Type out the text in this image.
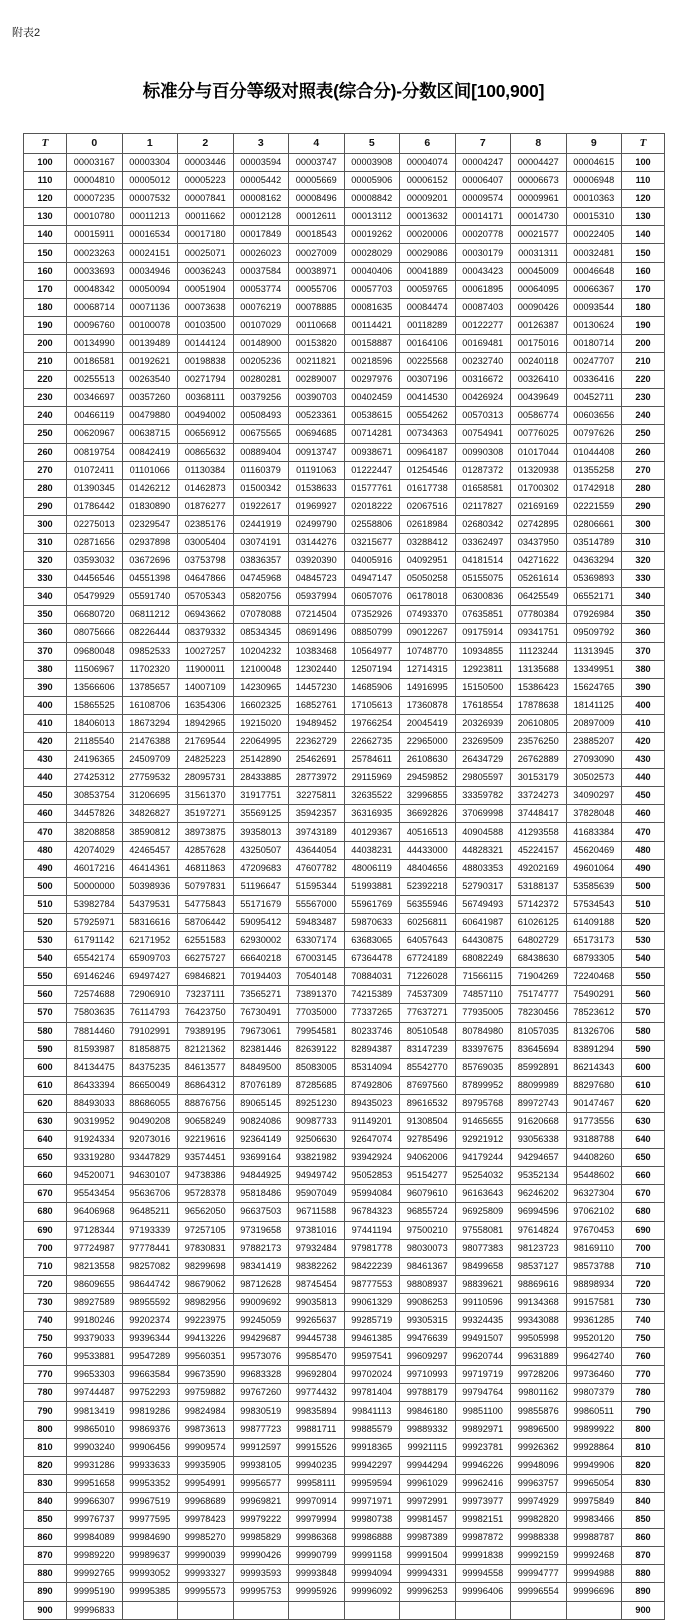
附表2
标准分与百分等级对照表(综合分)-分数区间[100,900]
T	0	1	2	3	4	5	6	7	8	9	T
100	00003167	00003304	00003446	00003594	00003747	00003908	00004074	00004247	00004427	00004615	100
110	00004810	00005012	00005223	00005442	00005669	00005906	00006152	00006407	00006673	00006948	110
120	00007235	00007532	00007841	00008162	00008496	00008842	00009201	00009574	00009961	00010363	120
130	00010780	00011213	00011662	00012128	00012611	00013112	00013632	00014171	00014730	00015310	130
140	00015911	00016534	00017180	00017849	00018543	00019262	00020006	00020778	00021577	00022405	140
150	00023263	00024151	00025071	00026023	00027009	00028029	00029086	00030179	00031311	00032481	150
160	00033693	00034946	00036243	00037584	00038971	00040406	00041889	00043423	00045009	00046648	160
170	00048342	00050094	00051904	00053774	00055706	00057703	00059765	00061895	00064095	00066367	170
180	00068714	00071136	00073638	00076219	00078885	00081635	00084474	00087403	00090426	00093544	180
190	00096760	00100078	00103500	00107029	00110668	00114421	00118289	00122277	00126387	00130624	190
200	00134990	00139489	00144124	00148900	00153820	00158887	00164106	00169481	00175016	00180714	200
210	00186581	00192621	00198838	00205236	00211821	00218596	00225568	00232740	00240118	00247707	210
220	00255513	00263540	00271794	00280281	00289007	00297976	00307196	00316672	00326410	00336416	220
230	00346697	00357260	00368111	00379256	00390703	00402459	00414530	00426924	00439649	00452711	230
240	00466119	00479880	00494002	00508493	00523361	00538615	00554262	00570313	00586774	00603656	240
250	00620967	00638715	00656912	00675565	00694685	00714281	00734363	00754941	00776025	00797626	250
260	00819754	00842419	00865632	00889404	00913747	00938671	00964187	00990308	01017044	01044408	260
270	01072411	01101066	01130384	01160379	01191063	01222447	01254546	01287372	01320938	01355258	270
280	01390345	01426212	01462873	01500342	01538633	01577761	01617738	01658581	01700302	01742918	280
290	01786442	01830890	01876277	01922617	01969927	02018222	02067516	02117827	02169169	02221559	290
300	02275013	02329547	02385176	02441919	02499790	02558806	02618984	02680342	02742895	02806661	300
310	02871656	02937898	03005404	03074191	03144276	03215677	03288412	03362497	03437950	03514789	310
320	03593032	03672696	03753798	03836357	03920390	04005916	04092951	04181514	04271622	04363294	320
330	04456546	04551398	04647866	04745968	04845723	04947147	05050258	05155075	05261614	05369893	330
340	05479929	05591740	05705343	05820756	05937994	06057076	06178018	06300836	06425549	06552171	340
350	06680720	06811212	06943662	07078088	07214504	07352926	07493370	07635851	07780384	07926984	350
360	08075666	08226444	08379332	08534345	08691496	08850799	09012267	09175914	09341751	09509792	360
370	09680048	09852533	10027257	10204232	10383468	10564977	10748770	10934855	11123244	11313945	370
380	11506967	11702320	11900011	12100048	12302440	12507194	12714315	12923811	13135688	13349951	380
390	13566606	13785657	14007109	14230965	14457230	14685906	14916995	15150500	15386423	15624765	390
400	15865525	16108706	16354306	16602325	16852761	17105613	17360878	17618554	17878638	18141125	400
410	18406013	18673294	18942965	19215020	19489452	19766254	20045419	20326939	20610805	20897009	410
420	21185540	21476388	21769544	22064995	22362729	22662735	22965000	23269509	23576250	23885207	420
430	24196365	24509709	24825223	25142890	25462691	25784611	26108630	26434729	26762889	27093090	430
440	27425312	27759532	28095731	28433885	28773972	29115969	29459852	29805597	30153179	30502573	440
450	30853754	31206695	31561370	31917751	32275811	32635522	32996855	33359782	33724273	34090297	450
460	34457826	34826827	35197271	35569125	35942357	36316935	36692826	37069998	37448417	37828048	460
470	38208858	38590812	38973875	39358013	39743189	40129367	40516513	40904588	41293558	41683384	470
480	42074029	42465457	42857628	43250507	43644054	44038231	44433000	44828321	45224157	45620469	480
490	46017216	46414361	46811863	47209683	47607782	48006119	48404656	48803353	49202169	49601064	490
500	50000000	50398936	50797831	51196647	51595344	51993881	52392218	52790317	53188137	53585639	500
510	53982784	54379531	54775843	55171679	55567000	55961769	56355946	56749493	57142372	57534543	510
520	57925971	58316616	58706442	59095412	59483487	59870633	60256811	60641987	61026125	61409188	520
530	61791142	62171952	62551583	62930002	63307174	63683065	64057643	64430875	64802729	65173173	530
540	65542174	65909703	66275727	66640218	67003145	67364478	67724189	68082249	68438630	68793305	540
550	69146246	69497427	69846821	70194403	70540148	70884031	71226028	71566115	71904269	72240468	550
560	72574688	72906910	73237111	73565271	73891370	74215389	74537309	74857110	75174777	75490291	560
570	75803635	76114793	76423750	76730491	77035000	77337265	77637271	77935005	78230456	78523612	570
580	78814460	79102991	79389195	79673061	79954581	80233746	80510548	80784980	81057035	81326706	580
590	81593987	81858875	82121362	82381446	82639122	82894387	83147239	83397675	83645694	83891294	590
600	84134475	84375235	84613577	84849500	85083005	85314094	85542770	85769035	85992891	86214343	600
610	86433394	86650049	86864312	87076189	87285685	87492806	87697560	87899952	88099989	88297680	610
620	88493033	88686055	88876756	89065145	89251230	89435023	89616532	89795768	89972743	90147467	620
630	90319952	90490208	90658249	90824086	90987733	91149201	91308504	91465655	91620668	91773556	630
640	91924334	92073016	92219616	92364149	92506630	92647074	92785496	92921912	93056338	93188788	640
650	93319280	93447829	93574451	93699164	93821982	93942924	94062006	94179244	94294657	94408260	650
660	94520071	94630107	94738386	94844925	94949742	95052853	95154277	95254032	95352134	95448602	660
670	95543454	95636706	95728378	95818486	95907049	95994084	96079610	96163643	96246202	96327304	670
680	96406968	96485211	96562050	96637503	96711588	96784323	96855724	96925809	96994596	97062102	680
690	97128344	97193339	97257105	97319658	97381016	97441194	97500210	97558081	97614824	97670453	690
700	97724987	97778441	97830831	97882173	97932484	97981778	98030073	98077383	98123723	98169110	700
710	98213558	98257082	98299698	98341419	98382262	98422239	98461367	98499658	98537127	98573788	710
720	98609655	98644742	98679062	98712628	98745454	98777553	98808937	98839621	98869616	98898934	720
730	98927589	98955592	98982956	99009692	99035813	99061329	99086253	99110596	99134368	99157581	730
740	99180246	99202374	99223975	99245059	99265637	99285719	99305315	99324435	99343088	99361285	740
750	99379033	99396344	99413226	99429687	99445738	99461385	99476639	99491507	99505998	99520120	750
760	99533881	99547289	99560351	99573076	99585470	99597541	99609297	99620744	99631889	99642740	760
770	99653303	99663584	99673590	99683328	99692804	99702024	99710993	99719719	99728206	99736460	770
780	99744487	99752293	99759882	99767260	99774432	99781404	99788179	99794764	99801162	99807379	780
790	99813419	99819286	99824984	99830519	99835894	99841113	99846180	99851100	99855876	99860511	790
800	99865010	99869376	99873613	99877723	99881711	99885579	99889332	99892971	99896500	99899922	800
810	99903240	99906456	99909574	99912597	99915526	99918365	99921115	99923781	99926362	99928864	810
820	99931286	99933633	99935905	99938105	99940235	99942297	99944294	99946226	99948096	99949906	820
830	99951658	99953352	99954991	99956577	99958111	99959594	99961029	99962416	99963757	99965054	830
840	99966307	99967519	99968689	99969821	99970914	99971971	99972991	99973977	99974929	99975849	840
850	99976737	99977595	99978423	99979222	99979994	99980738	99981457	99982151	99982820	99983466	850
860	99984089	99984690	99985270	99985829	99986368	99986888	99987389	99987872	99988338	99988787	860
870	99989220	99989637	99990039	99990426	99990799	99991158	99991504	99991838	99992159	99992468	870
880	99992765	99993052	99993327	99993593	99993848	99994094	99994331	99994558	99994777	99994988	880
890	99995190	99995385	99995573	99995753	99995926	99996092	99996253	99996406	99996554	99996696	890
900	99996833										900
